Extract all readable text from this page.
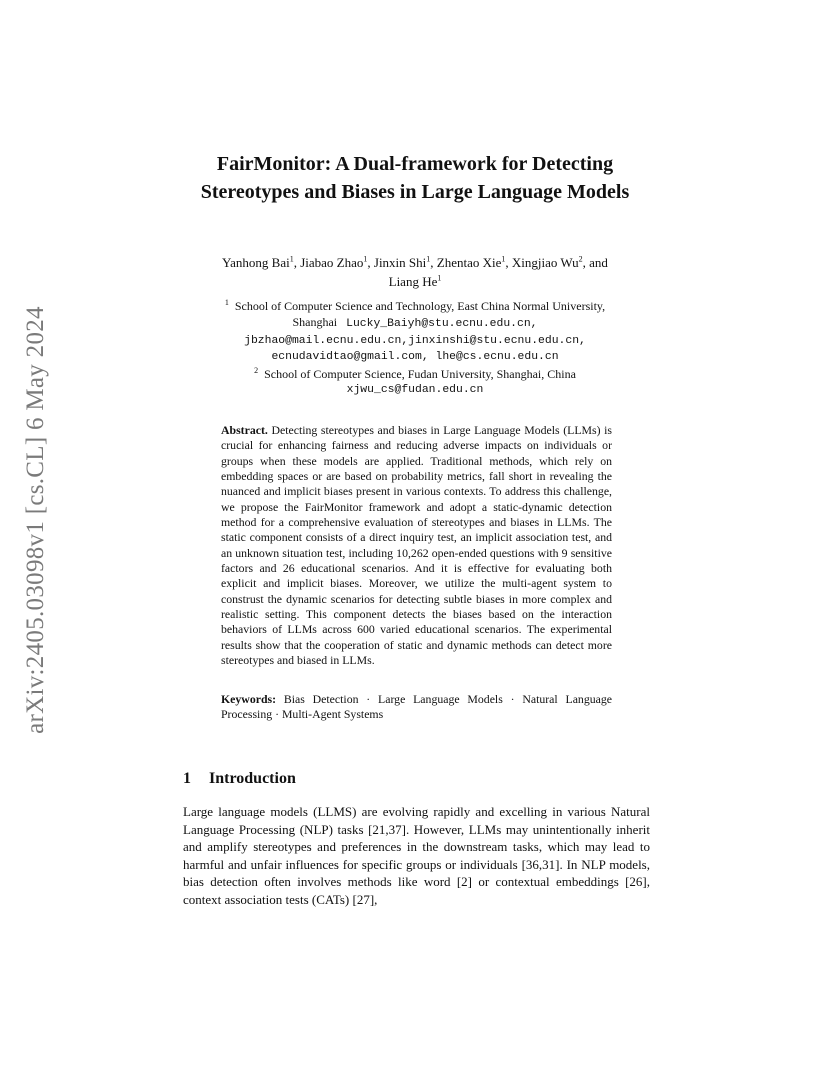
arXiv:2405.03098v1 [cs.CL] 6 May 2024
FairMonitor: A Dual-framework for Detecting Stereotypes and Biases in Large Language Models
Yanhong Bai$^1$, Jiabao Zhao$^1$, Jinxin Shi$^1$, Zhentao Xie$^1$, Xingjiao Wu$^2$, and
Liang He$^1$
$^1$ School of Computer Science and Technology, East China Normal University,
Shanghai Lucky_Baiyh@stu.ecnu.edu.cn,
jbzhao@mail.ecnu.edu.cn,jinxinshi@stu.ecnu.edu.cn,
ecnudavidtao@gmail.com, lhe@cs.ecnu.edu.cn
$^2$ School of Computer Science, Fudan University, Shanghai, China
xjwu_cs@fudan.edu.cn
Abstract. Detecting stereotypes and biases in Large Language Models (LLMs) is crucial for enhancing fairness and reducing adverse impacts on individuals or groups when these models are applied. Traditional methods, which rely on embedding spaces or are based on probability metrics, fall short in revealing the nuanced and implicit biases present in various contexts. To address this challenge, we propose the FairMonitor framework and adopt a static-dynamic detection method for a comprehensive evaluation of stereotypes and biases in LLMs. The static component consists of a direct inquiry test, an implicit association test, and an unknown situation test, including 10,262 open-ended questions with 9 sensitive factors and 26 educational scenarios. And it is effective for evaluating both explicit and implicit biases. Moreover, we utilize the multi-agent system to construst the dynamic scenarios for detecting subtle biases in more complex and realistic setting. This component detects the biases based on the interaction behaviors of LLMs across 600 varied educational scenarios. The experimental results show that the cooperation of static and dynamic methods can detect more stereotypes and biased in LLMs.
Keywords: Bias Detection · Large Language Models · Natural Language Processing · Multi-Agent Systems
1 Introduction
Large language models (LLMS) are evolving rapidly and excelling in various Natural Language Processing (NLP) tasks [21,37]. However, LLMs may unintentionally inherit and amplify stereotypes and preferences in the downstream tasks, which may lead to harmful and unfair influences for specific groups or individuals [36,31]. In NLP models, bias detection often involves methods like word [2] or contextual embeddings [26], context association tests (CATs) [27],
